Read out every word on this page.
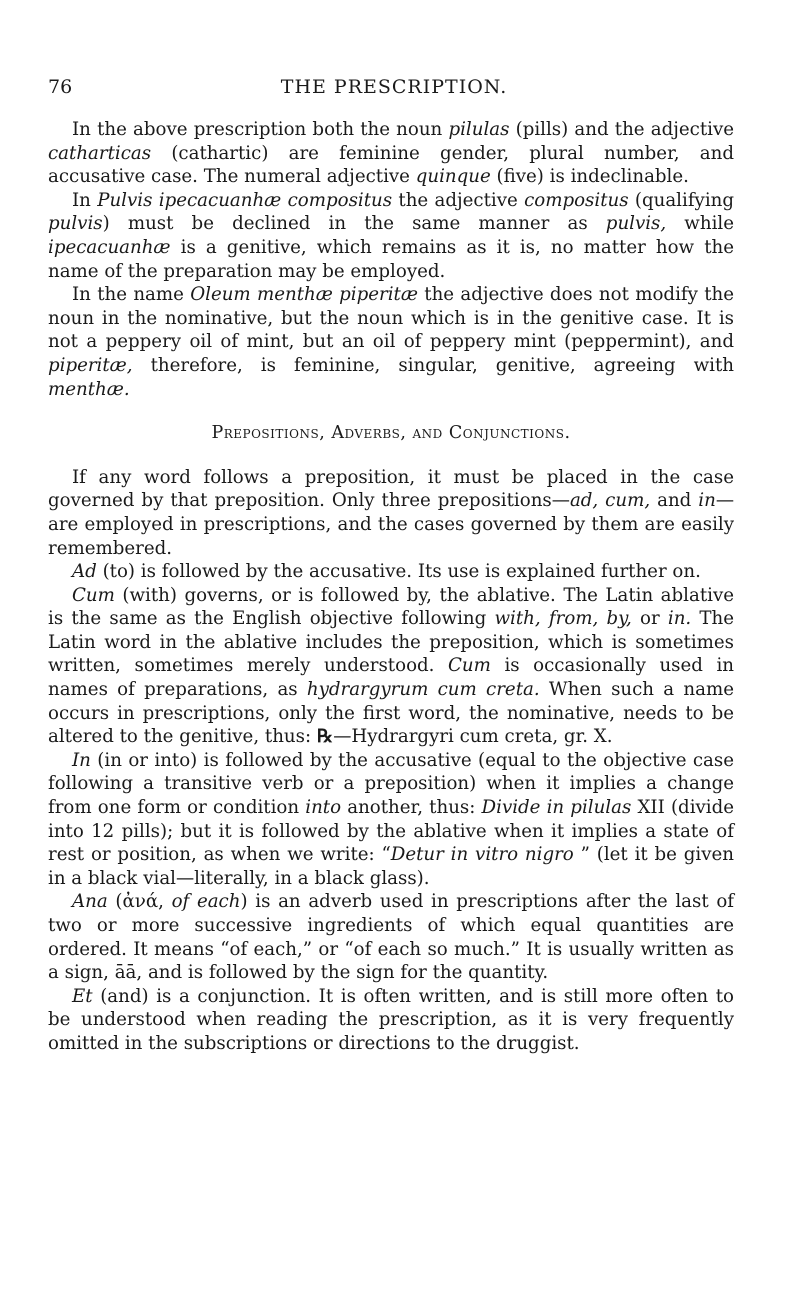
76	THE PRESCRIPTION.

In the above prescription both the noun pilulas (pills) and the adjective catharticas (cathartic) are feminine gender, plural number, and accusative case. The numeral adjective quinque (five) is indeclinable.

In Pulvis ipecacuanhæ compositus the adjective compositus (qualifying pulvis) must be declined in the same manner as pulvis, while ipecacuanhæ is a genitive, which remains as it is, no matter how the name of the preparation may be employed.

In the name Oleum menthæ piperitæ the adjective does not modify the noun in the nominative, but the noun which is in the genitive case. It is not a peppery oil of mint, but an oil of peppery mint (peppermint), and piperitæ, therefore, is feminine, singular, genitive, agreeing with menthæ.

Prepositions, Adverbs, and Conjunctions.

If any word follows a preposition, it must be placed in the case governed by that preposition. Only three prepositions—ad, cum, and in—are employed in prescriptions, and the cases governed by them are easily remembered.

Ad (to) is followed by the accusative. Its use is explained further on.

Cum (with) governs, or is followed by, the ablative. The Latin ablative is the same as the English objective following with, from, by, or in. The Latin word in the ablative includes the preposition, which is sometimes written, sometimes merely understood. Cum is occasionally used in names of preparations, as hydrargyrum cum creta. When such a name occurs in prescriptions, only the first word, the nominative, needs to be altered to the genitive, thus: ℞—Hydrargyri cum creta, gr. X.

In (in or into) is followed by the accusative (equal to the objective case following a transitive verb or a preposition) when it implies a change from one form or condition into another, thus: Divide in pilulas XII (divide into 12 pills); but it is followed by the ablative when it implies a state of rest or position, as when we write: “Detur in vitro nigro ” (let it be given in a black vial—literally, in a black glass).

Ana (ἀνά, of each) is an adverb used in prescriptions after the last of two or more successive ingredients of which equal quantities are ordered. It means “of each,” or “of each so much.” It is usually written as a sign, āā, and is followed by the sign for the quantity.

Et (and) is a conjunction. It is often written, and is still more often to be understood when reading the prescription, as it is very frequently omitted in the subscriptions or directions to the druggist.
